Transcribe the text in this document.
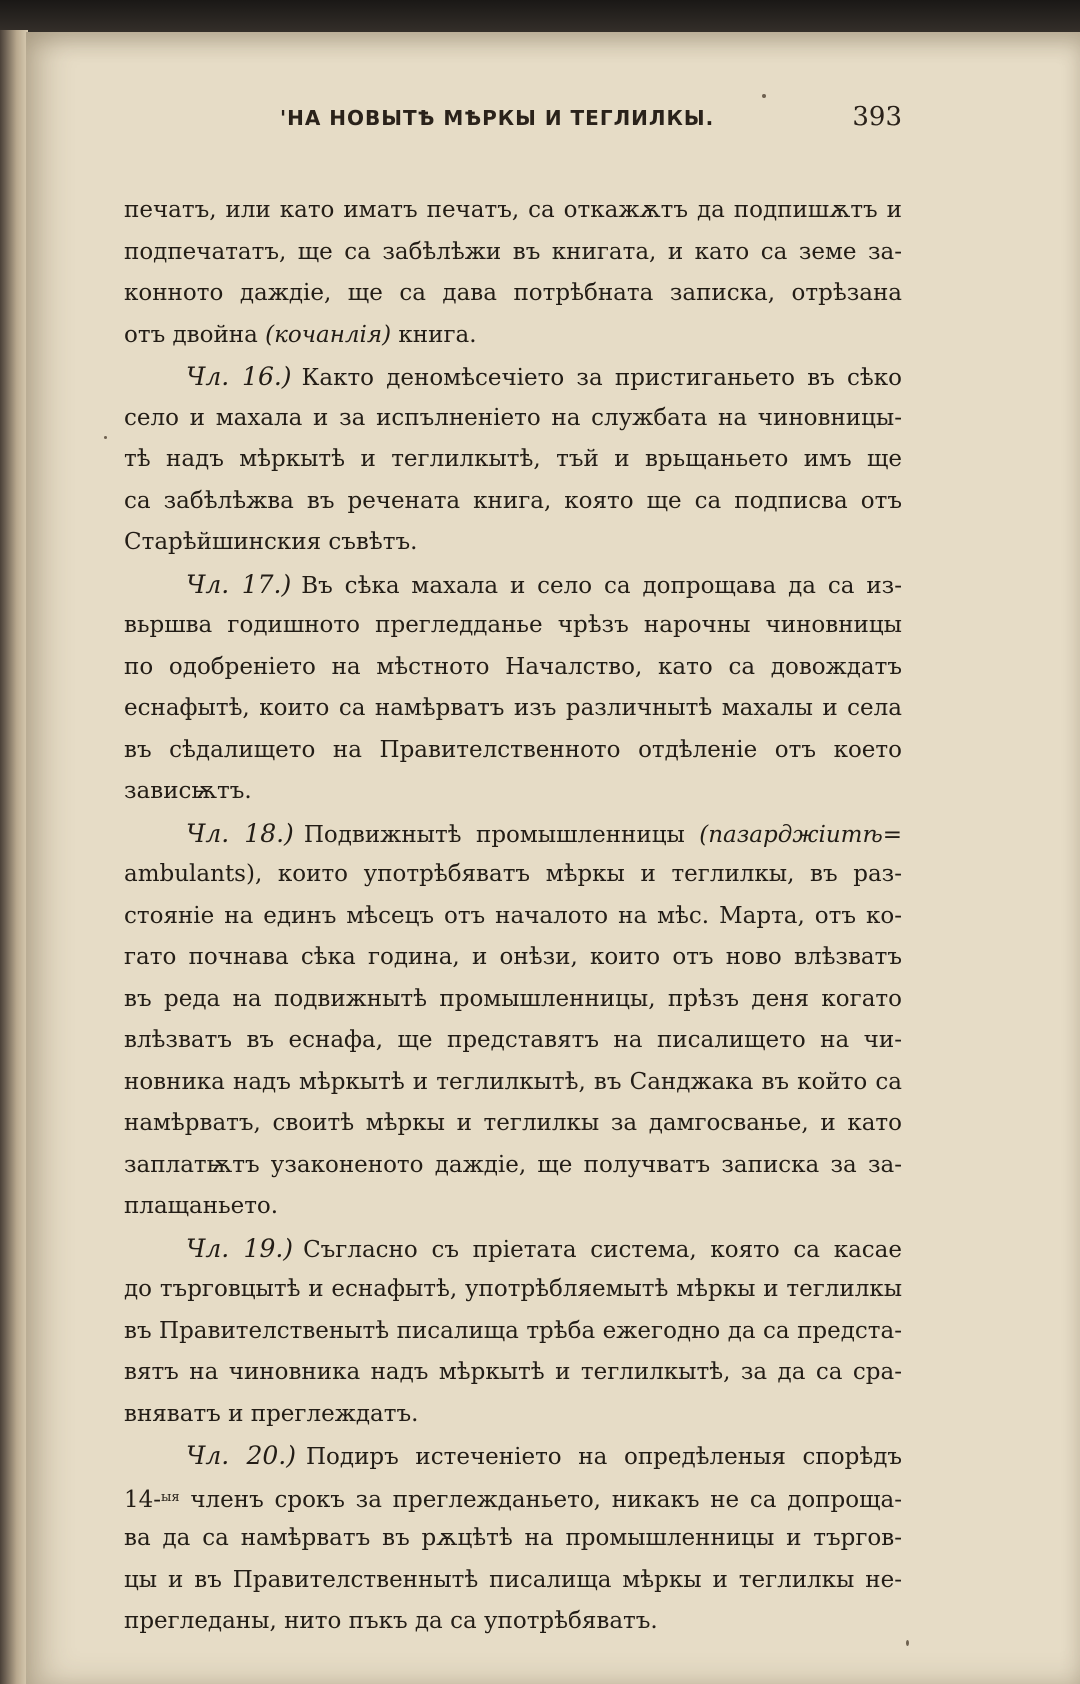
'НА НОВЫТѢ МѢРКЫ И ТЕГЛИЛКЫ.	393
печатъ, или като иматъ печатъ, са откажѫтъ да подпишѫтъ и
подпечататъ, ще са забѣлѣжи въ книгата, и като са земе за-
конното даждіе, ще са дава потрѣбната записка, отрѣзана
отъ двойна (кочанлія) книга.
Чл. 16.) Както деномѣсечіето за пристиганьето въ сѣко
село и махала и за испълненіето на службата на чиновницы-
тѣ надъ мѣркытѣ и теглилкытѣ, тъй и врьщаньето имъ ще
са забѣлѣжва въ речената книга, която ще са подписва отъ
Старѣйшинския съвѣтъ.
Чл. 17.) Въ сѣка махала и село са допрощава да са из-
вьршва годишното прегледданье чрѣзъ нарочны чиновницы
по одобреніето на мѣстното Началство, като са довождатъ
еснафытѣ, които са намѣрватъ изъ различнытѣ махалы и села
въ сѣдалището на Правителственното отдѣленіе отъ което
зависѭтъ.
Чл. 18.) Подвижнытѣ промышленницы (пазарджіитѣ=
ambulants), които употрѣбяватъ мѣркы и теглилкы, въ раз-
стояніе на единъ мѣсецъ отъ началото на мѣс. Марта, отъ ко-
гато почнава сѣка година, и онѣзи, които отъ ново влѣзватъ
въ реда на подвижнытѣ промышленницы, прѣзъ деня когато
влѣзватъ въ еснафа, ще представятъ на писалището на чи-
новника надъ мѣркытѣ и теглилкытѣ, въ Санджака въ който са
намѣрватъ, своитѣ мѣркы и теглилкы за дамгосванье, и като
заплатѭтъ узаконеното даждіе, ще получватъ записка за за-
плащаньето.
Чл. 19.) Съгласно съ пріетата система, която са касае
до търговцытѣ и еснафытѣ, употрѣбляемытѣ мѣркы и теглилкы
въ Правителственытѣ писалища трѣба ежегодно да са предста-
вятъ на чиновника надъ мѣркытѣ и теглилкытѣ, за да са сра-
вняватъ и преглеждатъ.
Чл. 20.) Подиръ истеченіето на опредѣленыя спорѣдъ
14-$^{ыя}$ членъ срокъ за преглежданьето, никакъ не са допроща-
ва да са намѣрватъ въ рѫцѣтѣ на промышленницы и търгов-
цы и въ Правителственнытѣ писалища мѣркы и теглилкы не-
прегледаны, нито пъкъ да са употрѣбяватъ.
